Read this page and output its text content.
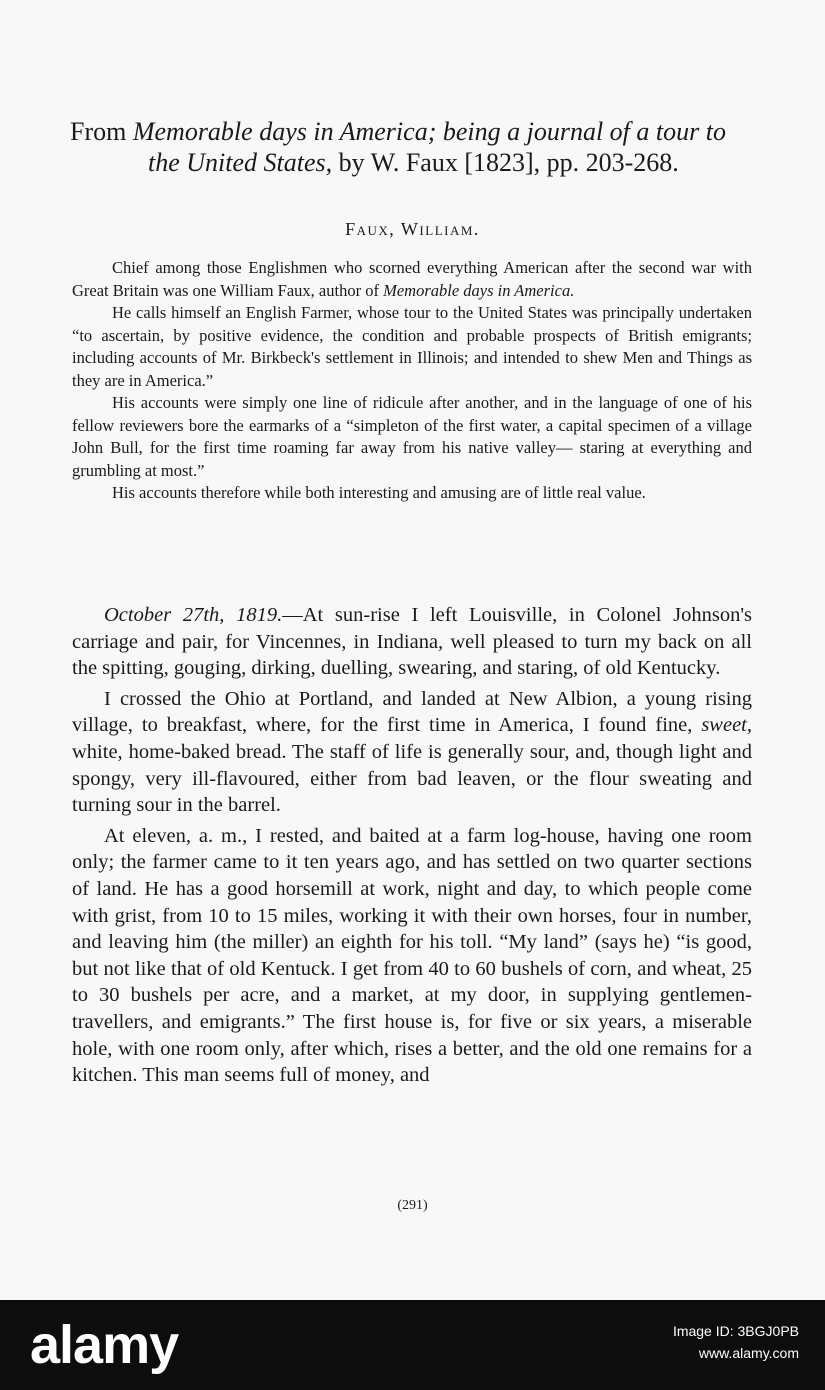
From Memorable days in America; being a journal of a tour to the United States, by W. Faux [1823], pp. 203-268.

Faux, William.

Chief among those Englishmen who scorned everything American after the second war with Great Britain was one William Faux, author of Memorable days in America.

He calls himself an English Farmer, whose tour to the United States was principally undertaken “to ascertain, by positive evidence, the condition and probable prospects of British emigrants; including accounts of Mr. Birkbeck's settlement in Illinois; and intended to shew Men and Things as they are in America.”

His accounts were simply one line of ridicule after another, and in the language of one of his fellow reviewers bore the earmarks of a “simpleton of the first water, a capital specimen of a village John Bull, for the first time roaming far away from his native valley— staring at everything and grumbling at most.”

His accounts therefore while both interesting and amusing are of little real value.

October 27th, 1819.—At sun-rise I left Louisville, in Colonel Johnson's carriage and pair, for Vincennes, in Indiana, well pleased to turn my back on all the spitting, gouging, dirking, duelling, swearing, and staring, of old Kentucky.

I crossed the Ohio at Portland, and landed at New Albion, a young rising village, to breakfast, where, for the first time in America, I found fine, sweet, white, home-baked bread. The staff of life is generally sour, and, though light and spongy, very ill-flavoured, either from bad leaven, or the flour sweating and turning sour in the barrel.

At eleven, a. m., I rested, and baited at a farm log-house, having one room only; the farmer came to it ten years ago, and has settled on two quarter sections of land. He has a good horsemill at work, night and day, to which people come with grist, from 10 to 15 miles, working it with their own horses, four in number, and leaving him (the miller) an eighth for his toll. “My land” (says he) “is good, but not like that of old Kentuck. I get from 40 to 60 bushels of corn, and wheat, 25 to 30 bushels per acre, and a market, at my door, in supplying gentlemen-travellers, and emigrants.” The first house is, for five or six years, a miserable hole, with one room only, after which, rises a better, and the old one remains for a kitchen. This man seems full of money, and

(291)

alamy	Image ID: 3BGJ0PB
www.alamy.com
